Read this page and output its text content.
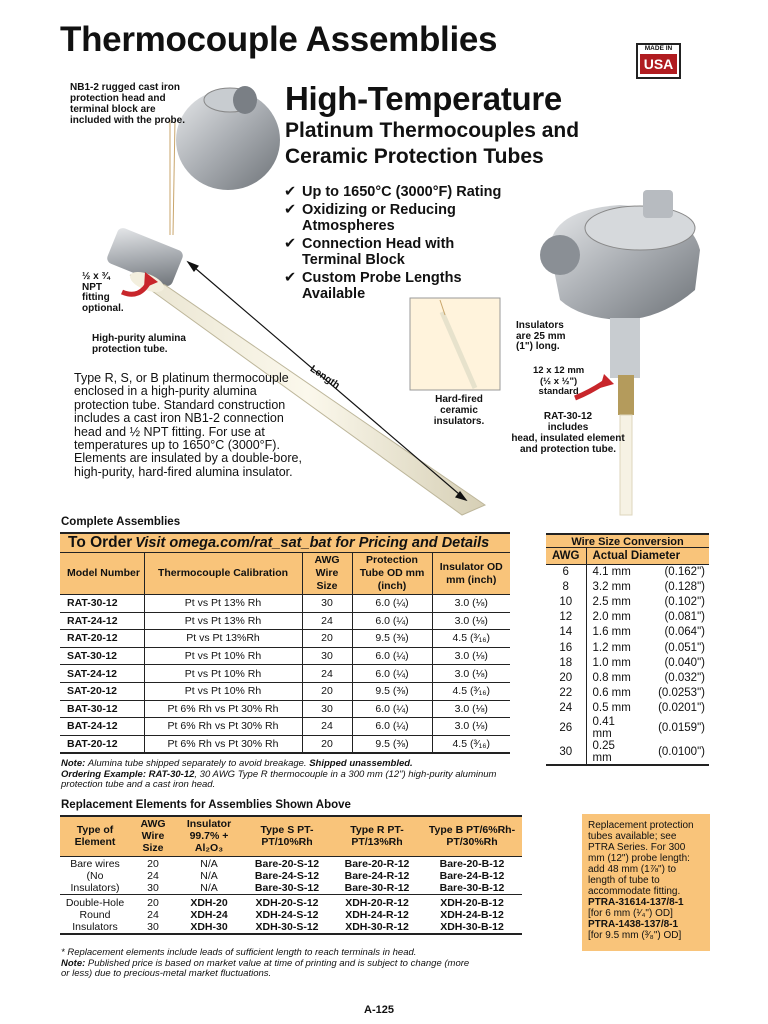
Thermocouple Assemblies	MADE IN
USA
NB1-2 rugged cast iron protection head and terminal block are included with the probe.
High-Temperature
Platinum Thermocouples and
Ceramic Protection Tubes
✔ Up to 1650°C (3000°F) Rating
✔ Oxidizing or Reducing Atmospheres
✔ Connection Head with Terminal Block
✔ Custom Probe Lengths Available
½ x ¾
NPT
fitting
optional.
High-purity alumina
protection tube.
Length
Hard-fired ceramic insulators.
Insulators
are 25 mm
(1") long.
12 x 12 mm
(½ x ½")
standard
RAT-30-12
includes
head, insulated element
and protection tube.
Type R, S, or B platinum thermocouple enclosed in a high-purity alumina protection tube. Standard construction includes a cast iron NB1-2 connection head and ½ NPT fitting. For use at temperatures up to 1650°C (3000°F). Elements are insulated by a double-bore, high-purity, hard-fired alumina insulator.
Complete Assemblies
To Order Visit omega.com/rat_sat_bat for Pricing and Details				
Model Number	Thermocouple Calibration	AWG Wire Size	Protection Tube OD mm (inch)	Insulator OD mm (inch)
RAT-30-12	Pt vs Pt 13% Rh	30	6.0 (¼)	3.0 (⅛)
RAT-24-12	Pt vs Pt 13% Rh	24	6.0 (¼)	3.0 (⅛)
RAT-20-12	Pt vs Pt 13%Rh	20	9.5 (⅜)	4.5 (³⁄₁₆)
SAT-30-12	Pt vs Pt 10% Rh	30	6.0 (¼)	3.0 (⅛)
SAT-24-12	Pt vs Pt 10% Rh	24	6.0 (¼)	3.0 (⅛)
SAT-20-12	Pt vs Pt 10% Rh	20	9.5 (⅜)	4.5 (³⁄₁₆)
BAT-30-12	Pt 6% Rh vs Pt 30% Rh	30	6.0 (¼)	3.0 (⅛)
BAT-24-12	Pt 6% Rh vs Pt 30% Rh	24	6.0 (¼)	3.0 (⅛)
BAT-20-12	Pt 6% Rh vs Pt 30% Rh	20	9.5 (⅜)	4.5 (³⁄₁₆)
Note: Alumina tube shipped separately to avoid breakage. Shipped unassembled.
Ordering Example: RAT-30-12, 30 AWG Type R thermocouple in a 300 mm (12") high-purity aluminum protection tube and a cast iron head.
Wire Size Conversion
AWG	Actual Diameter	
6	4.1 mm	(0.162")
8	3.2 mm	(0.128")
10	2.5 mm	(0.102")
12	2.0 mm	(0.081")
14	1.6 mm	(0.064")
16	1.2 mm	(0.051")
18	1.0 mm	(0.040")
20	0.8 mm	(0.032")
22	0.6 mm	(0.0253")
24	0.5 mm	(0.0201")
26	0.41 mm	(0.0159")
30	0.25 mm	(0.0100")
Replacement Elements for Assemblies Shown Above
Type of Element	AWG Wire Size	Insulator 99.7% + Al₂O₃	Type S PT- PT/10%Rh	Type R PT- PT/13%Rh	Type B PT/6%Rh- PT/30%Rh
Bare wires	20	N/A	Bare-20-S-12	Bare-20-R-12	Bare-20-B-12
(No	24	N/A	Bare-24-S-12	Bare-24-R-12	Bare-24-B-12
Insulators)	30	N/A	Bare-30-S-12	Bare-30-R-12	Bare-30-B-12
Double-Hole	20	XDH-20	XDH-20-S-12	XDH-20-R-12	XDH-20-B-12
Round	24	XDH-24	XDH-24-S-12	XDH-24-R-12	XDH-24-B-12
Insulators	30	XDH-30	XDH-30-S-12	XDH-30-R-12	XDH-30-B-12
Replacement protection tubes available; see PTRA Series. For 300 mm (12") probe length: add 48 mm (1⅞") to length of tube to accommodate fitting.
PTRA-31614-137/8-1
[for 6 mm (¹⁄₄") OD]
PTRA-1438-137/8-1
[for 9.5 mm (³⁄₈") OD]
* Replacement elements include leads of sufficient length to reach terminals in head.
Note: Published price is based on market value at time of printing and is subject to change (more or less) due to precious-metal market fluctuations.
A-125
